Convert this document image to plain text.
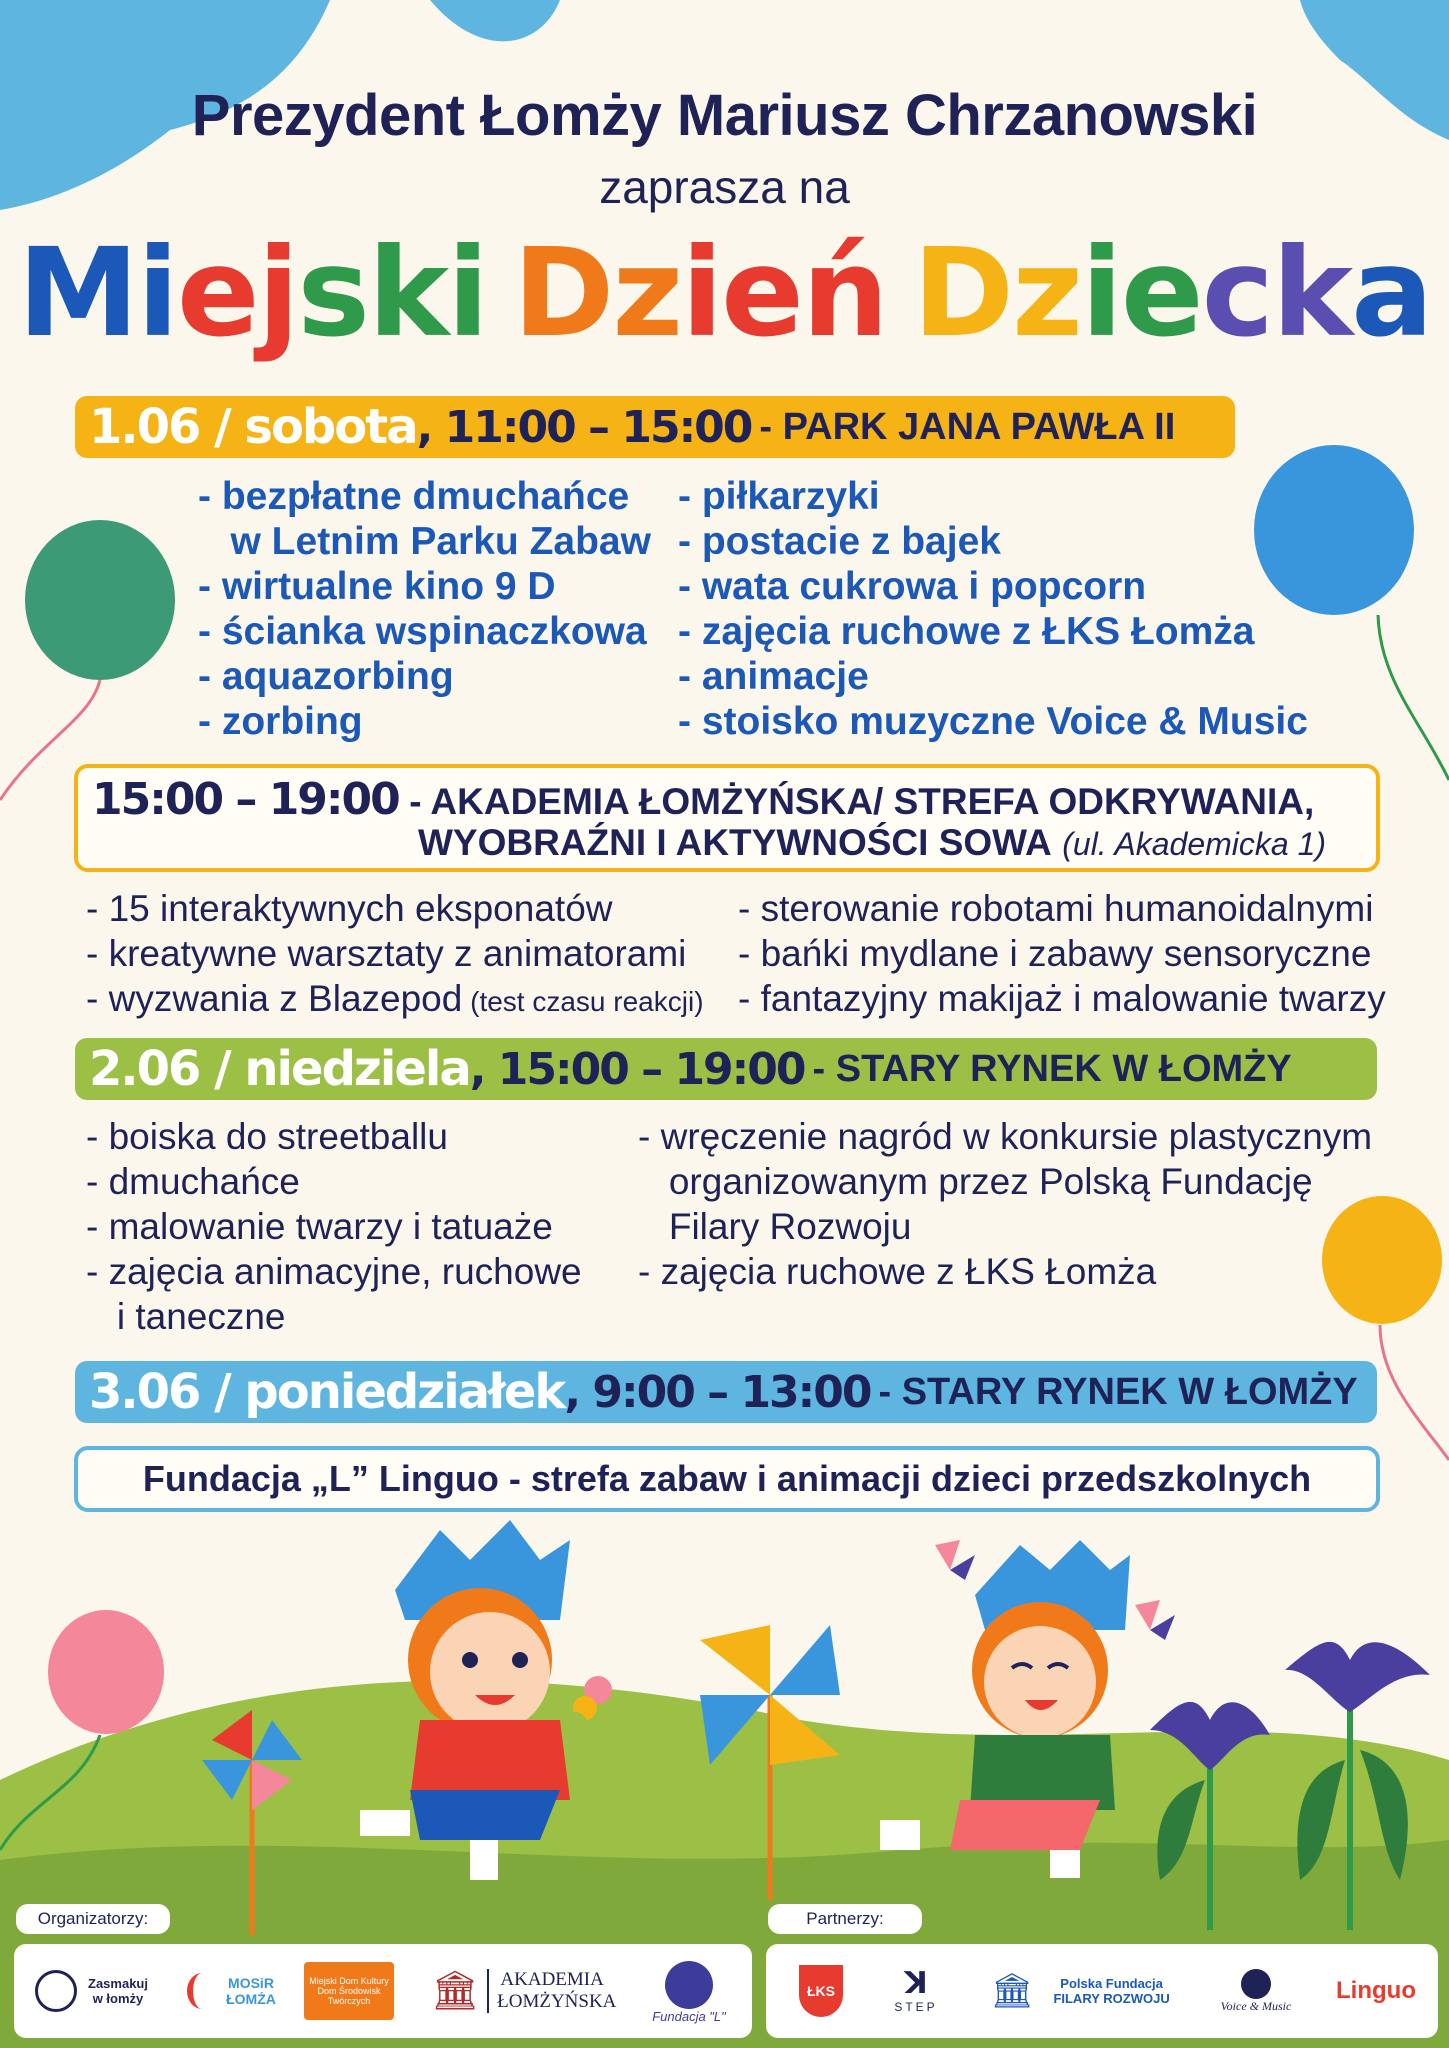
Prezydent Łomży Mariusz Chrzanowski
zaprasza na
Miejski Dzień Dziecka
1.06 / sobota , 11:00 – 15:00 - PARK JANA PAWŁA II
- bezpłatne dmuchańce
w Letnim Parku Zabaw
- wirtualne kino 9 D
- ścianka wspinaczkowa
- aquazorbing
- zorbing
- piłkarzyki
- postacie z bajek
- wata cukrowa i popcorn
- zajęcia ruchowe z ŁKS Łomża
- animacje
- stoisko muzyczne Voice & Music
15:00 – 19:00 - AKADEMIA ŁOMŻYŃSKA/ STREFA ODKRYWANIA,
WYOBRAŹNI I AKTYWNOŚCI SOWA (ul. Akademicka 1)
- 15 interaktywnych eksponatów
- kreatywne warsztaty z animatorami
- wyzwania z Blazepod (test czasu reakcji)
- sterowanie robotami humanoidalnymi
- bańki mydlane i zabawy sensoryczne
- fantazyjny makijaż i malowanie twarzy
2.06 / niedziela , 15:00 – 19:00 - STARY RYNEK W ŁOMŻY
- boiska do streetballu
- dmuchańce
- malowanie twarzy i tatuaże
- zajęcia animacyjne, ruchowe
i taneczne
- wręczenie nagród w konkursie plastycznym
organizowanym przez Polską Fundację
Filary Rozwoju
- zajęcia ruchowe z ŁKS Łomża
3.06 / poniedziałek , 9:00 – 13:00 - STARY RYNEK W ŁOMŻY
Fundacja „L” Linguo - strefa zabaw i animacji dzieci przedszkolnych
Organizatorzy:	Partnerzy:
Zasmakuj w łomży
MOSiR ŁOMŻA
Miejski Dom Kultury Dom Środowisk Twórczych	🏛	AKADEMIA ŁOMŻYŃSKA
Fundacja "L"
ŁKS ꓘ
STEP 🏛	Polska Fundacja FILARY ROZWOJU	Voice & Music
Linguo
